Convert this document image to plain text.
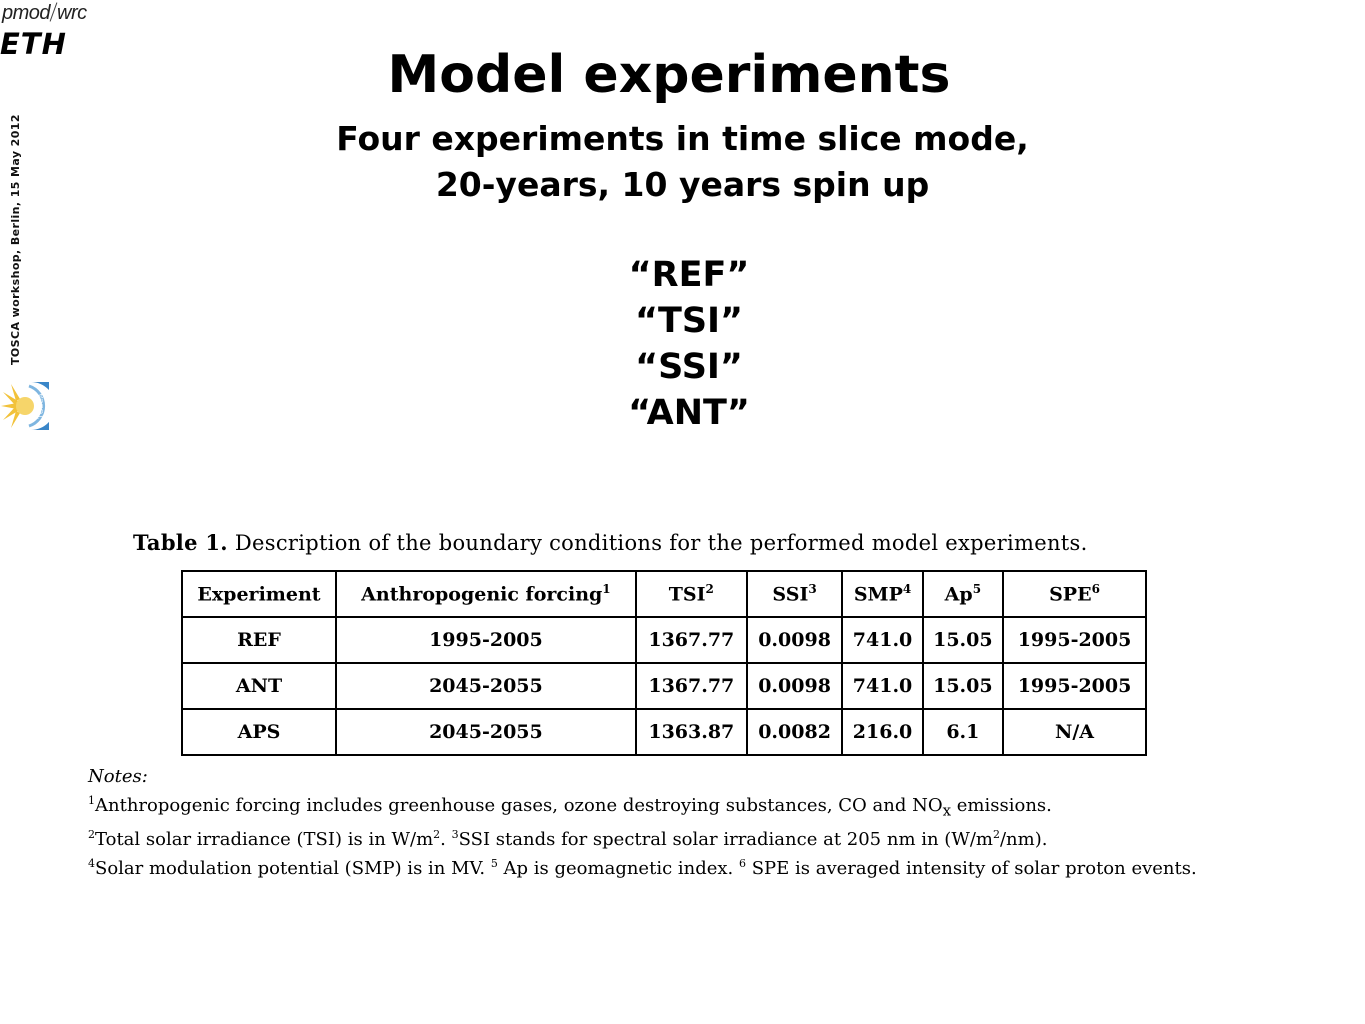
pmod wrc
ETH
TOSCA workshop, Berlin, 15 May 2012
TOSCA
Model experiments
Four experiments in time slice mode,
20-years, 10 years spin up
“REF”
“TSI”
“SSI”
“ANT”
Table 1. Description of the boundary conditions for the performed model experiments.
Experiment	Anthropogenic forcing$^1$	TSI$^2$	SSI$^3$	SMP$^4$	Ap$^5$	SPE$^6$
REF	1995-2005	1367.77	0.0098	741.0	15.05	1995-2005
ANT	2045-2055	1367.77	0.0098	741.0	15.05	1995-2005
APS	2045-2055	1363.87	0.0082	216.0	6.1	N/A

Notes:

$^1$Anthropogenic forcing includes greenhouse gases, ozone destroying substances, CO and $NO_x$ emissions.

$^2$Total solar irradiance (TSI) is in $W/m^2$. $^3$SSI stands for spectral solar irradiance at 205 nm in $(W/m^2/nm)$.

$^4$Solar modulation potential (SMP) is in MV. $^5$ Ap is geomagnetic index. $^6$ SPE is averaged intensity of solar proton events.
